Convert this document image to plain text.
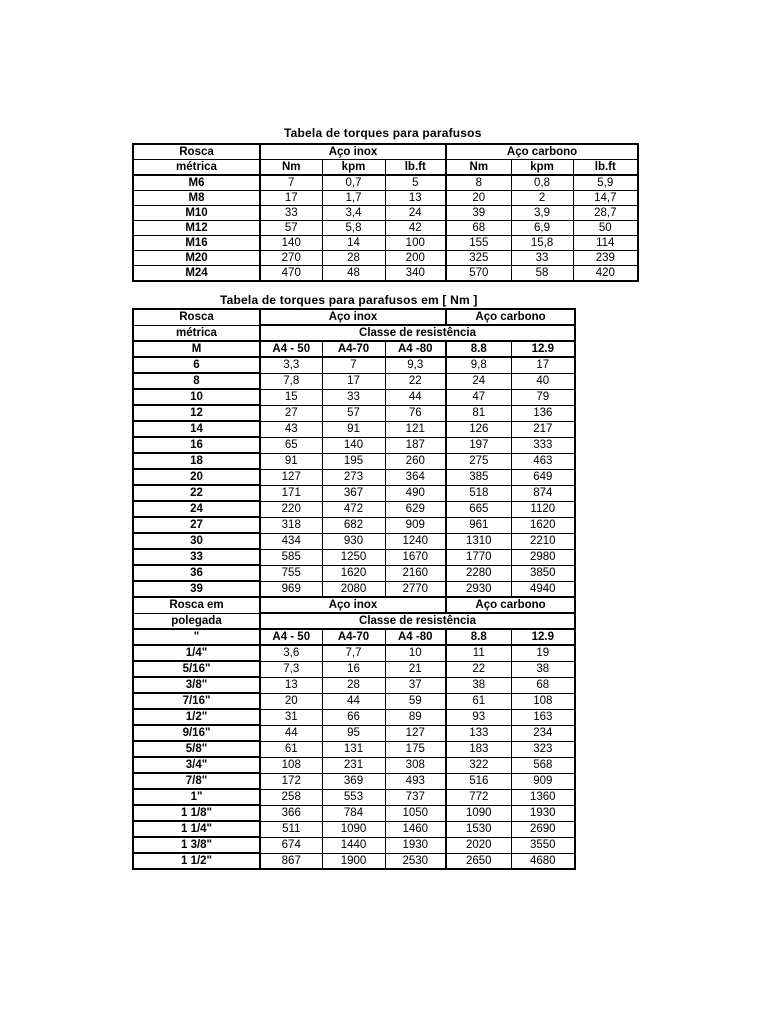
Tabela de torques para parafusos
Rosca	Aço inox			Aço carbono		
métrica	Nm	kpm	lb.ft	Nm	kpm	lb.ft
M6	7	0,7	5	8	0,8	5,9
M8	17	1,7	13	20	2	14,7
M10	33	3,4	24	39	3,9	28,7
M12	57	5,8	42	68	6,9	50
M16	140	14	100	155	15,8	114
M20	270	28	200	325	33	239
M24	470	48	340	570	58	420
Tabela de torques para parafusos em [ Nm ]
Rosca	Aço inox			Aço carbono	
métrica	Classe de resistência				
M	A4 - 50	A4-70	A4 -80	8.8	12.9
6	3,3	7	9,3	9,8	17
8	7,8	17	22	24	40
10	15	33	44	47	79
12	27	57	76	81	136
14	43	91	121	126	217
16	65	140	187	197	333
18	91	195	260	275	463
20	127	273	364	385	649
22	171	367	490	518	874
24	220	472	629	665	1120
27	318	682	909	961	1620
30	434	930	1240	1310	2210
33	585	1250	1670	1770	2980
36	755	1620	2160	2280	3850
39	969	2080	2770	2930	4940
Rosca em	Aço inox			Aço carbono	
polegada	Classe de resistência				
"	A4 - 50	A4-70	A4 -80	8.8	12.9
1/4"	3,6	7,7	10	11	19
5/16"	7,3	16	21	22	38
3/8"	13	28	37	38	68
7/16"	20	44	59	61	108
1/2"	31	66	89	93	163
9/16"	44	95	127	133	234
5/8"	61	131	175	183	323
3/4"	108	231	308	322	568
7/8"	172	369	493	516	909
1"	258	553	737	772	1360
1 1/8"	366	784	1050	1090	1930
1 1/4"	511	1090	1460	1530	2690
1 3/8"	674	1440	1930	2020	3550
1 1/2"	867	1900	2530	2650	4680
